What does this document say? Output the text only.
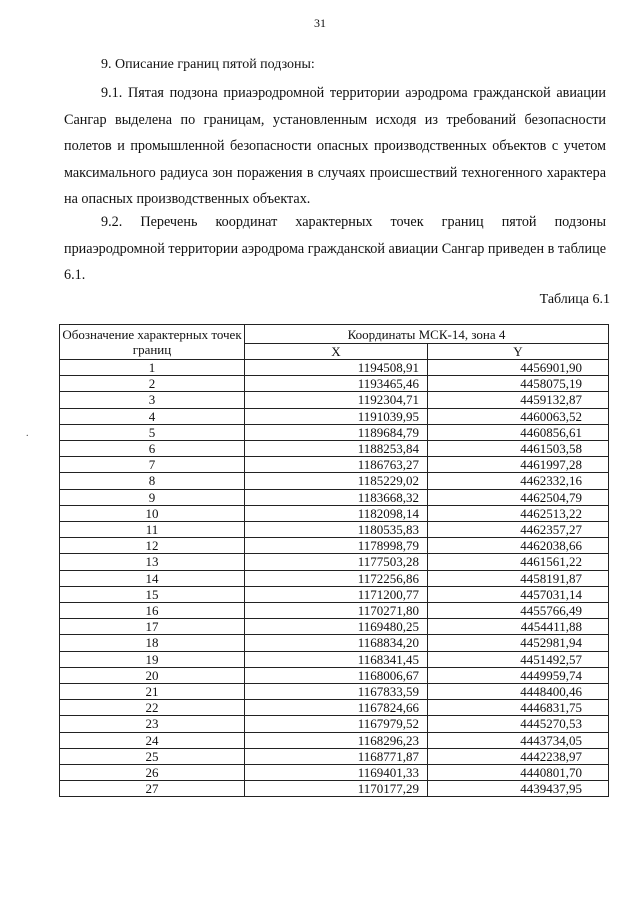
31
.
9. Описание границ пятой подзоны:

9.1. Пятая подзона приаэродромной территории аэродрома гражданской авиации Сангар выделена по границам, установленным исходя из требований безопасности полетов и промышленной безопасности опасных производственных объектов с учетом максимального радиуса зон поражения в случаях происшествий техногенного характера на опасных производственных объектах.

9.2. Перечень координат характерных точек границ пятой подзоны приаэродромной территории аэродрома гражданской авиации Сангар приведен в таблице 6.1.

Таблица 6.1
Обозначение характерных точек границ	Координаты МСК-14, зона 4	
	X	Y
1	1194508,91	4456901,90
2	1193465,46	4458075,19
3	1192304,71	4459132,87
4	1191039,95	4460063,52
5	1189684,79	4460856,61
6	1188253,84	4461503,58
7	1186763,27	4461997,28
8	1185229,02	4462332,16
9	1183668,32	4462504,79
10	1182098,14	4462513,22
11	1180535,83	4462357,27
12	1178998,79	4462038,66
13	1177503,28	4461561,22
14	1172256,86	4458191,87
15	1171200,77	4457031,14
16	1170271,80	4455766,49
17	1169480,25	4454411,88
18	1168834,20	4452981,94
19	1168341,45	4451492,57
20	1168006,67	4449959,74
21	1167833,59	4448400,46
22	1167824,66	4446831,75
23	1167979,52	4445270,53
24	1168296,23	4443734,05
25	1168771,87	4442238,97
26	1169401,33	4440801,70
27	1170177,29	4439437,95
